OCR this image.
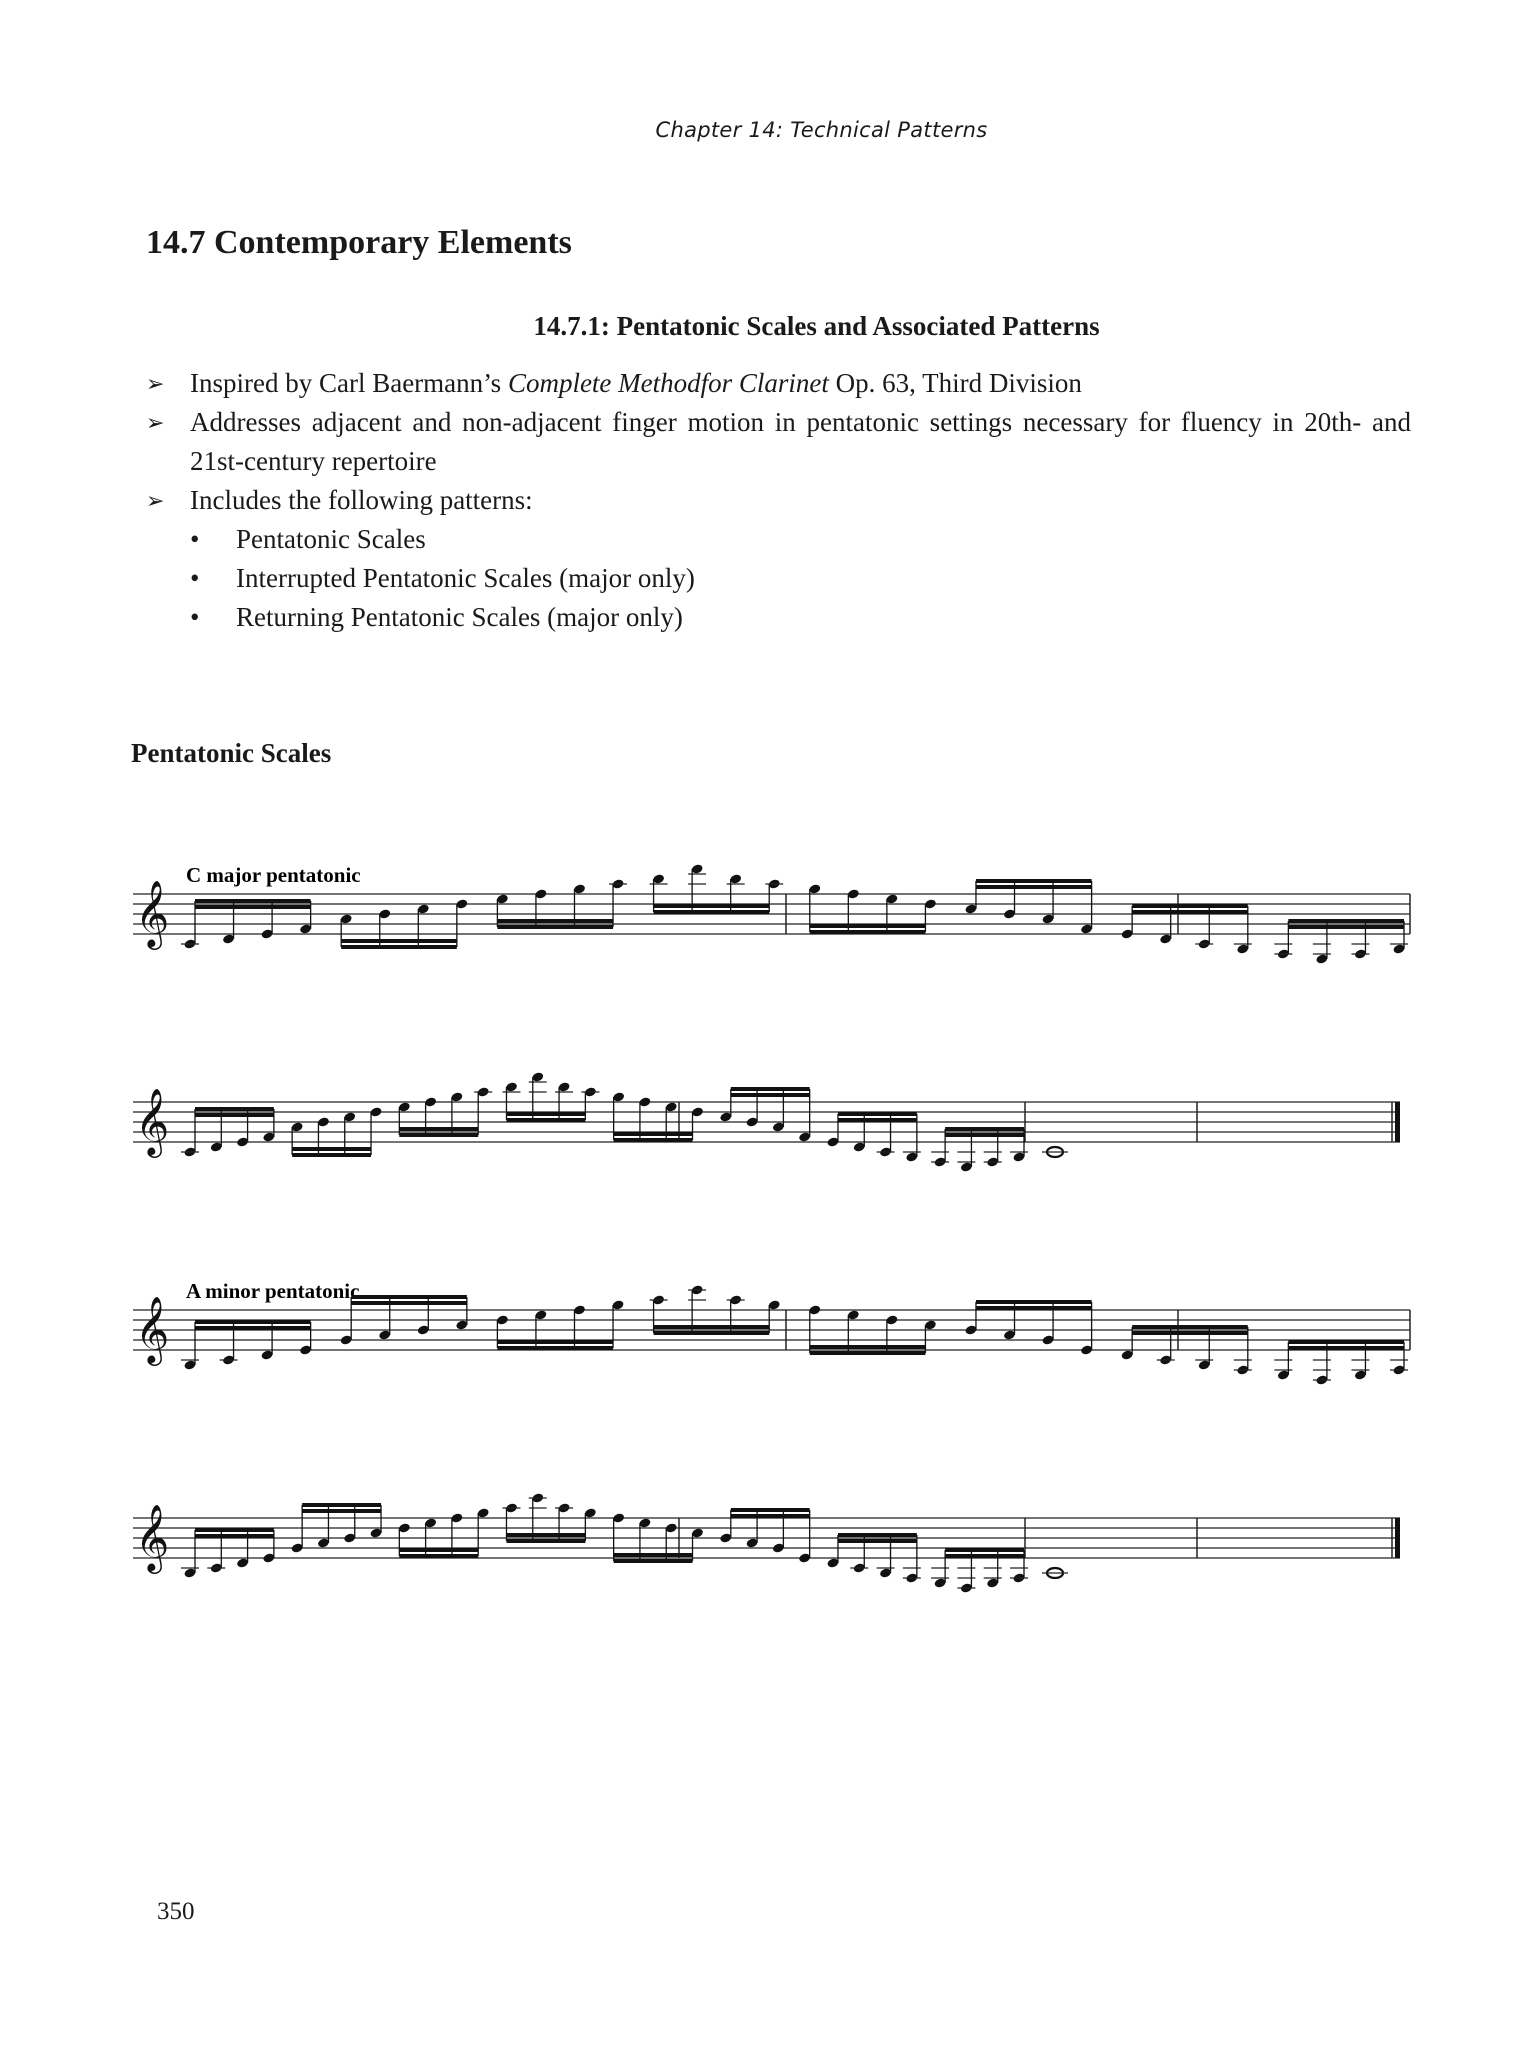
Chapter 14: Technical Patterns
14.7 Contemporary Elements
14.7.1: Pentatonic Scales and Associated Patterns
➢ Inspired by Carl Baermann’s Complete Methodfor Clarinet Op. 63, Third Division
➢ Addresses adjacent and non-adjacent finger motion in pentatonic settings necessary for fluency in 20th- and 21st-century repertoire
➢ Includes the following patterns:
• Pentatonic Scales
• Interrupted Pentatonic Scales (major only)
• Returning Pentatonic Scales (major only)
Pentatonic Scales
C major pentatonic
A minor pentatonic
𝄞
𝄞
𝄞
𝄞
350
